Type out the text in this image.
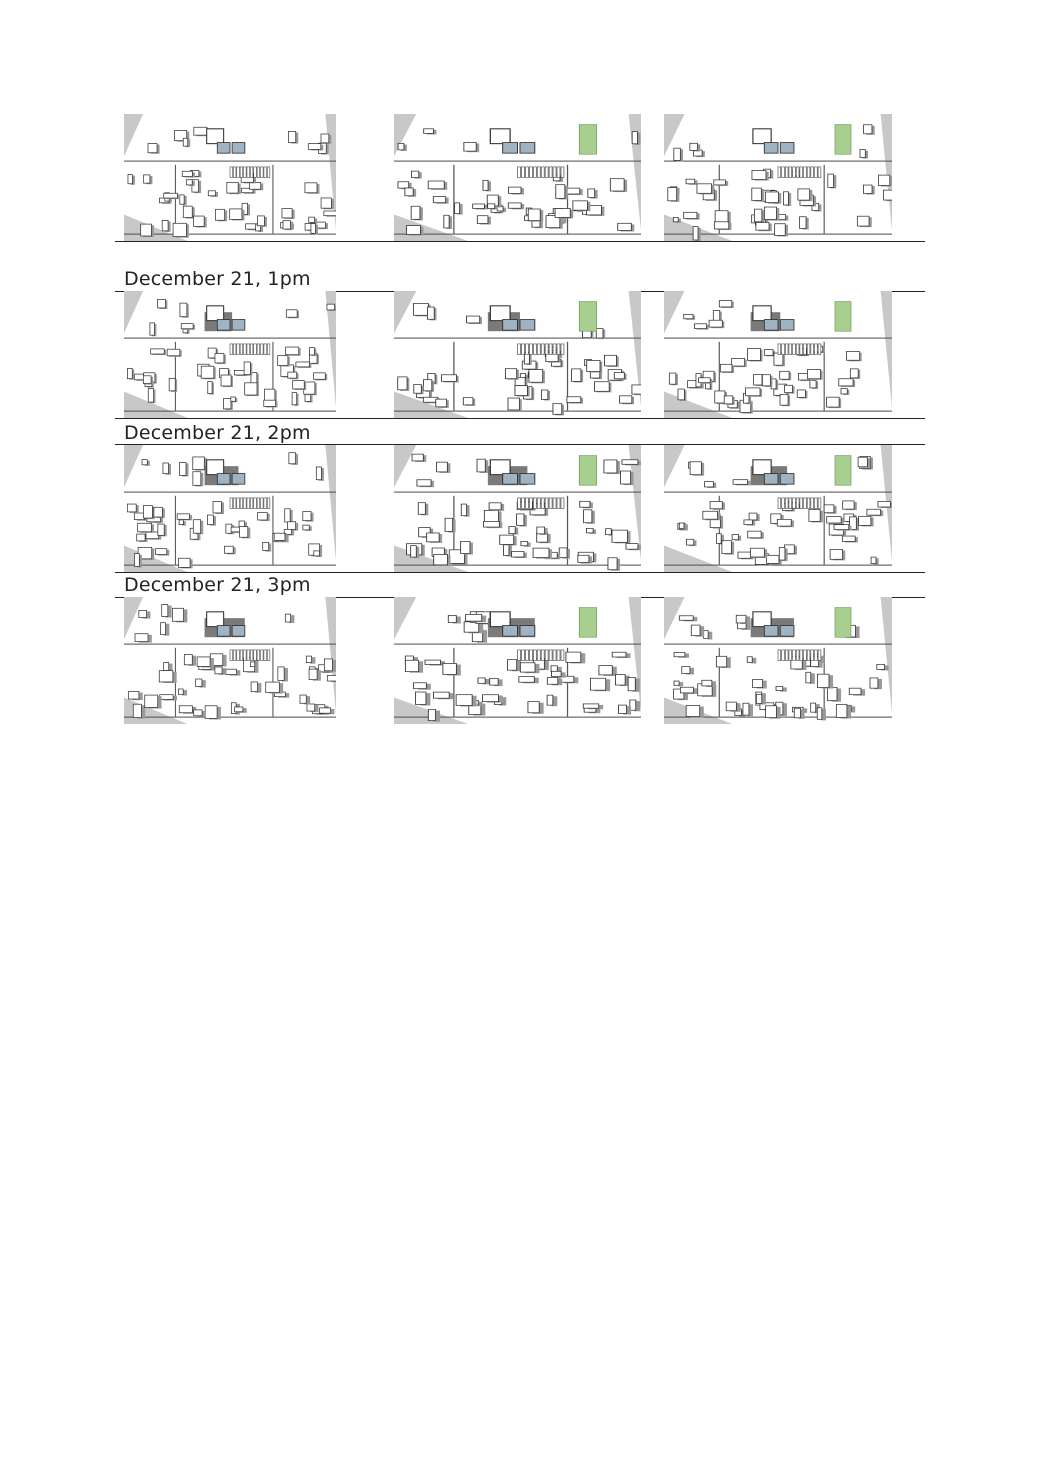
December 21, 1pm
December 21, 2pm
December 21, 3pm
